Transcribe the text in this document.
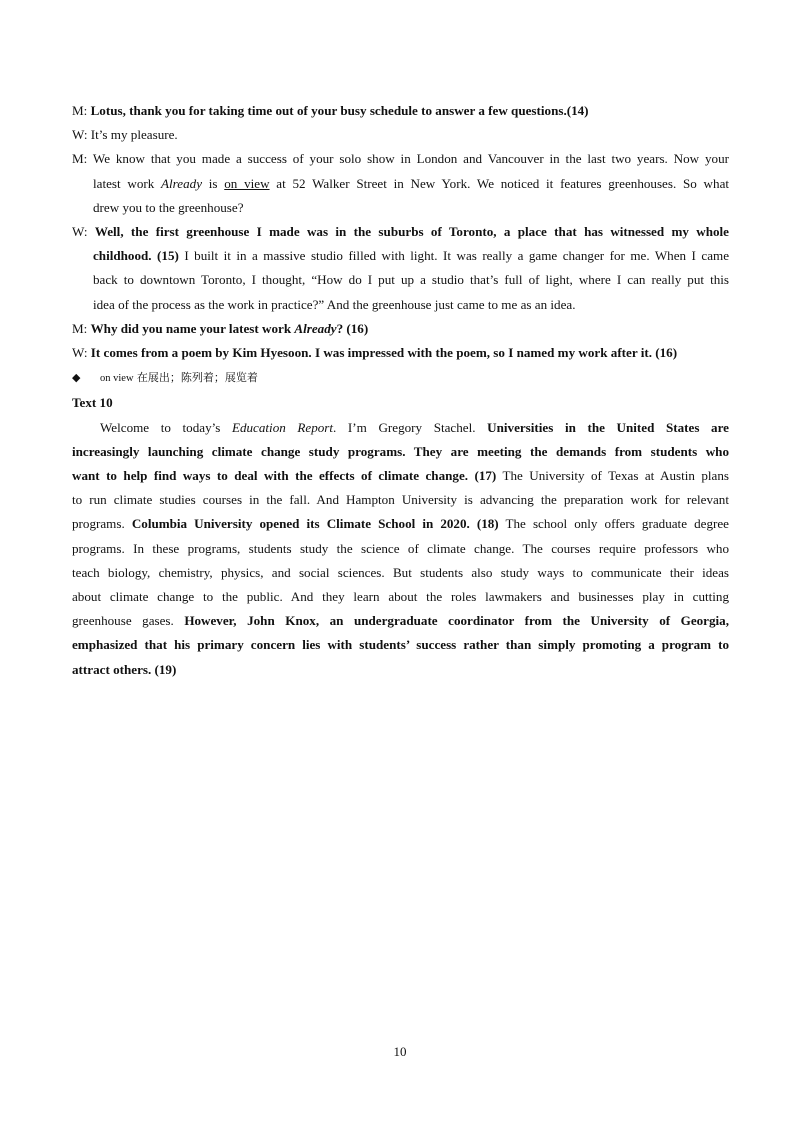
M: Lotus, thank you for taking time out of your busy schedule to answer a few questions.(14)
W: It’s my pleasure.
M: We know that you made a success of your solo show in London and Vancouver in the last two years. Now your
latest work Already is on view at 52 Walker Street in New York. We noticed it features greenhouses. So what
drew you to the greenhouse?
W: Well, the first greenhouse I made was in the suburbs of Toronto, a place that has witnessed my whole
childhood. (15) I built it in a massive studio filled with light. It was really a game changer for me. When I came
back to downtown Toronto, I thought, “How do I put up a studio that’s full of light, where I can really put this
idea of the process as the work in practice?” And the greenhouse just came to me as an idea.
M: Why did you name your latest work Already? (16)
W: It comes from a poem by Kim Hyesoon. I was impressed with the poem, so I named my work after it. (16)
◆ on view 在展出；陈列着；展览着
Text 10
Welcome to today’s Education Report. I’m Gregory Stachel. Universities in the United States are
increasingly launching climate change study programs. They are meeting the demands from students who
want to help find ways to deal with the effects of climate change. (17) The University of Texas at Austin plans
to run climate studies courses in the fall. And Hampton University is advancing the preparation work for relevant
programs. Columbia University opened its Climate School in 2020. (18) The school only offers graduate degree
programs. In these programs, students study the science of climate change. The courses require professors who
teach biology, chemistry, physics, and social sciences. But students also study ways to communicate their ideas
about climate change to the public. And they learn about the roles lawmakers and businesses play in cutting
greenhouse gases. However, John Knox, an undergraduate coordinator from the University of Georgia,
emphasized that his primary concern lies with students’ success rather than simply promoting a program to
attract others. (19)
10
